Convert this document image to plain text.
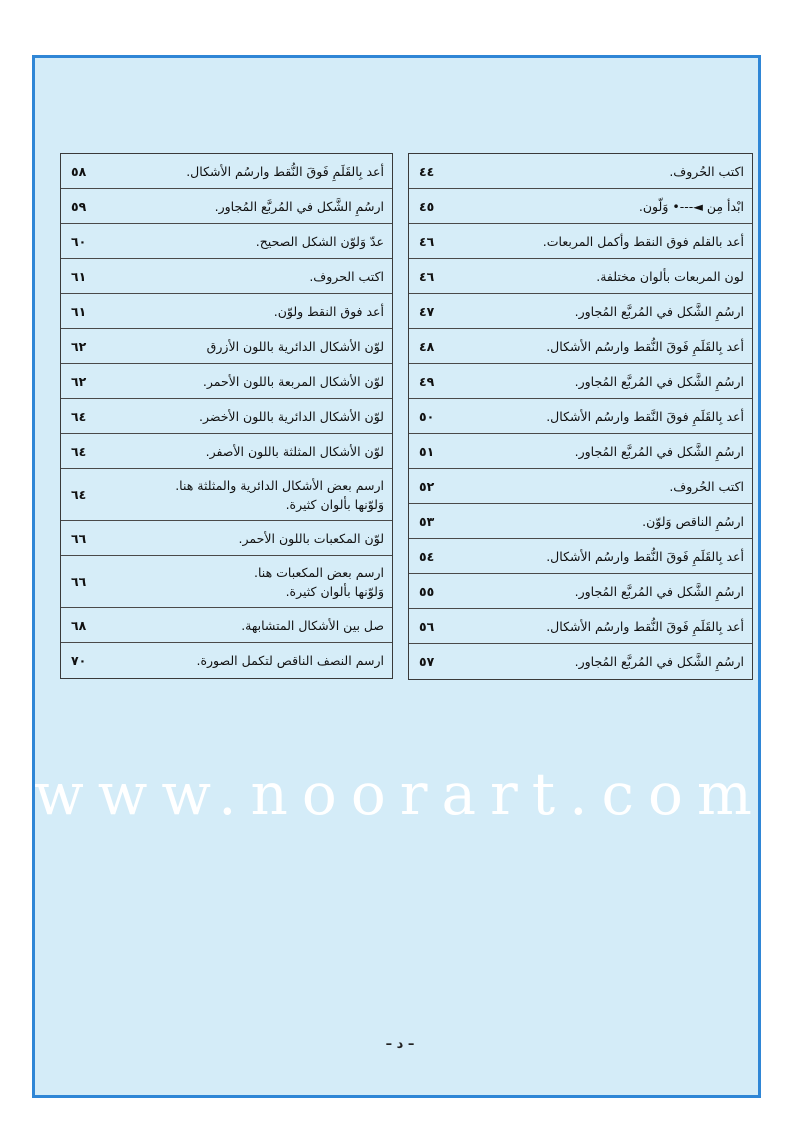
اكتب الحُروف.
٤٤
ابْدأ مِن ◄---• وَلّون.
٤٥
أعد بالقلم فوق النقط وأكمل المربعات.
٤٦
لون المربعات بألوان مختلفة.
٤٦
ارسُمِ الشَّكل في المُربَّع المُجاور.
٤٧
أعد بِالقَلَمِ فَوقَ النُّقط وارسُم الأشكال.
٤٨
ارسُمِ الشَّكل في المُربَّع المُجاور.
٤٩
أعد بِالقَلَمِ فوقَ النَّقط وارسُم الأشكال.
٥٠
ارسُمِ الشَّكل في المُربَّع المُجاور.
٥١
اكتب الحُروف.
٥٢
ارسُمِ الناقص وَلوّن.
٥٣
أعد بِالقَلَمِ فَوقَ النُّقط وارسُم الأشكال.
٥٤
ارسُمِ الشَّكل في المُربَّع المُجاور.
٥٥
أعد بِالقَلَمِ فَوقَ النُّقط وارسُم الأشكال.
٥٦
ارسُمِ الشَّكل في المُربَّع المُجاور.
٥٧
أعد بِالقَلَمِ فَوقَ النُّقط وارسُم الأشكال.
٥٨
ارسُمِ الشَّكل في المُربَّع المُجاور.
٥٩
عدّ وَلوّن الشكل الصحيح.
٦٠
اكتب الحروف.
٦١
أعد فوق النقط ولوّن.
٦١
لوّن الأشكال الدائرية باللون الأزرق
٦٢
لوّن الأشكال المربعة باللون الأحمر.
٦٢
لوّن الأشكال الدائرية باللون الأخضر.
٦٤
لوّن الأشكال المثلثة باللون الأصفر.
٦٤
ارسم بعض الأشكال الدائرية والمثلثة هنا.
وَلوّنها بألوان كثيرة.
٦٤
لوّن المكعبات باللون الأحمر.
٦٦
ارسم بعض المكعبات هنا.
وَلوّنها بألوان كثيرة.
٦٦
صل بين الأشكال المتشابهة.
٦٨
ارسم النصف الناقص لتكمل الصورة.
٧٠
www.noorart.com
– د –
